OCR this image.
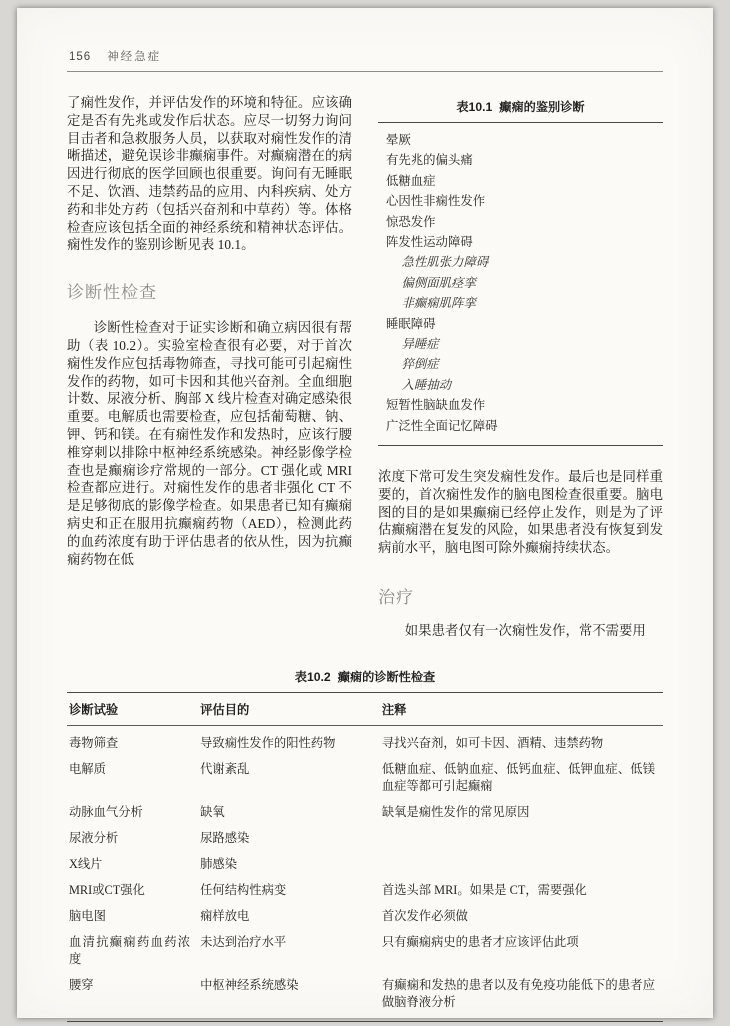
156 神经急症

了痫性发作，并评估发作的环境和特征。应该确定是否有先兆或发作后状态。应尽一切努力询问目击者和急救服务人员，以获取对痫性发作的清晰描述，避免误诊非癫痫事件。对癫痫潜在的病因进行彻底的医学回顾也很重要。询问有无睡眠不足、饮酒、违禁药品的应用、内科疾病、处方药和非处方药（包括兴奋剂和中草药）等。体格检查应该包括全面的神经系统和精神状态评估。痫性发作的鉴别诊断见表 10.1。

诊断性检查

诊断性检查对于证实诊断和确立病因很有帮助（表 10.2）。实验室检查很有必要，对于首次痫性发作应包括毒物筛查，寻找可能可引起痫性发作的药物，如可卡因和其他兴奋剂。全血细胞计数、尿液分析、胸部 X 线片检查对确定感染很重要。电解质也需要检查，应包括葡萄糖、钠、钾、钙和镁。在有痫性发作和发热时，应该行腰椎穿刺以排除中枢神经系统感染。神经影像学检查也是癫痫诊疗常规的一部分。CT 强化或 MRI 检查都应进行。对痫性发作的患者非强化 CT 不是足够彻底的影像学检查。如果患者已知有癫痫病史和正在服用抗癫痫药物（AED），检测此药的血药浓度有助于评估患者的依从性，因为抗癫痫药物在低

表10.1 癫痫的鉴别诊断
晕厥
有先兆的偏头痛
低糖血症
心因性非痫性发作
惊恐发作
阵发性运动障碍
急性肌张力障碍
偏侧面肌痉挛
非癫痫肌阵挛
睡眠障碍
异睡症
猝倒症
入睡抽动
短暂性脑缺血发作
广泛性全面记忆障碍

浓度下常可发生突发痫性发作。最后也是同样重要的，首次痫性发作的脑电图检查很重要。脑电图的目的是如果癫痫已经停止发作，则是为了评估癫痫潜在复发的风险，如果患者没有恢复到发病前水平，脑电图可除外癫痫持续状态。

治疗

如果患者仅有一次痫性发作，常不需要用

表10.2 癫痫的诊断性检查
诊断试验	评估目的	注释
毒物筛查	导致痫性发作的阳性药物	寻找兴奋剂，如可卡因、酒精、违禁药物
电解质	代谢紊乱	低糖血症、低钠血症、低钙血症、低钾血症、低镁血症等都可引起癫痫
动脉血气分析	缺氧	缺氧是痫性发作的常见原因
尿液分析	尿路感染	
X线片	肺感染	
MRI或CT强化	任何结构性病变	首选头部 MRI。如果是 CT，需要强化
脑电图	痫样放电	首次发作必须做
血清抗癫痫药血药浓度	未达到治疗水平	只有癫痫病史的患者才应该评估此项
腰穿	中枢神经系统感染	有癫痫和发热的患者以及有免疫功能低下的患者应做脑脊液分析
